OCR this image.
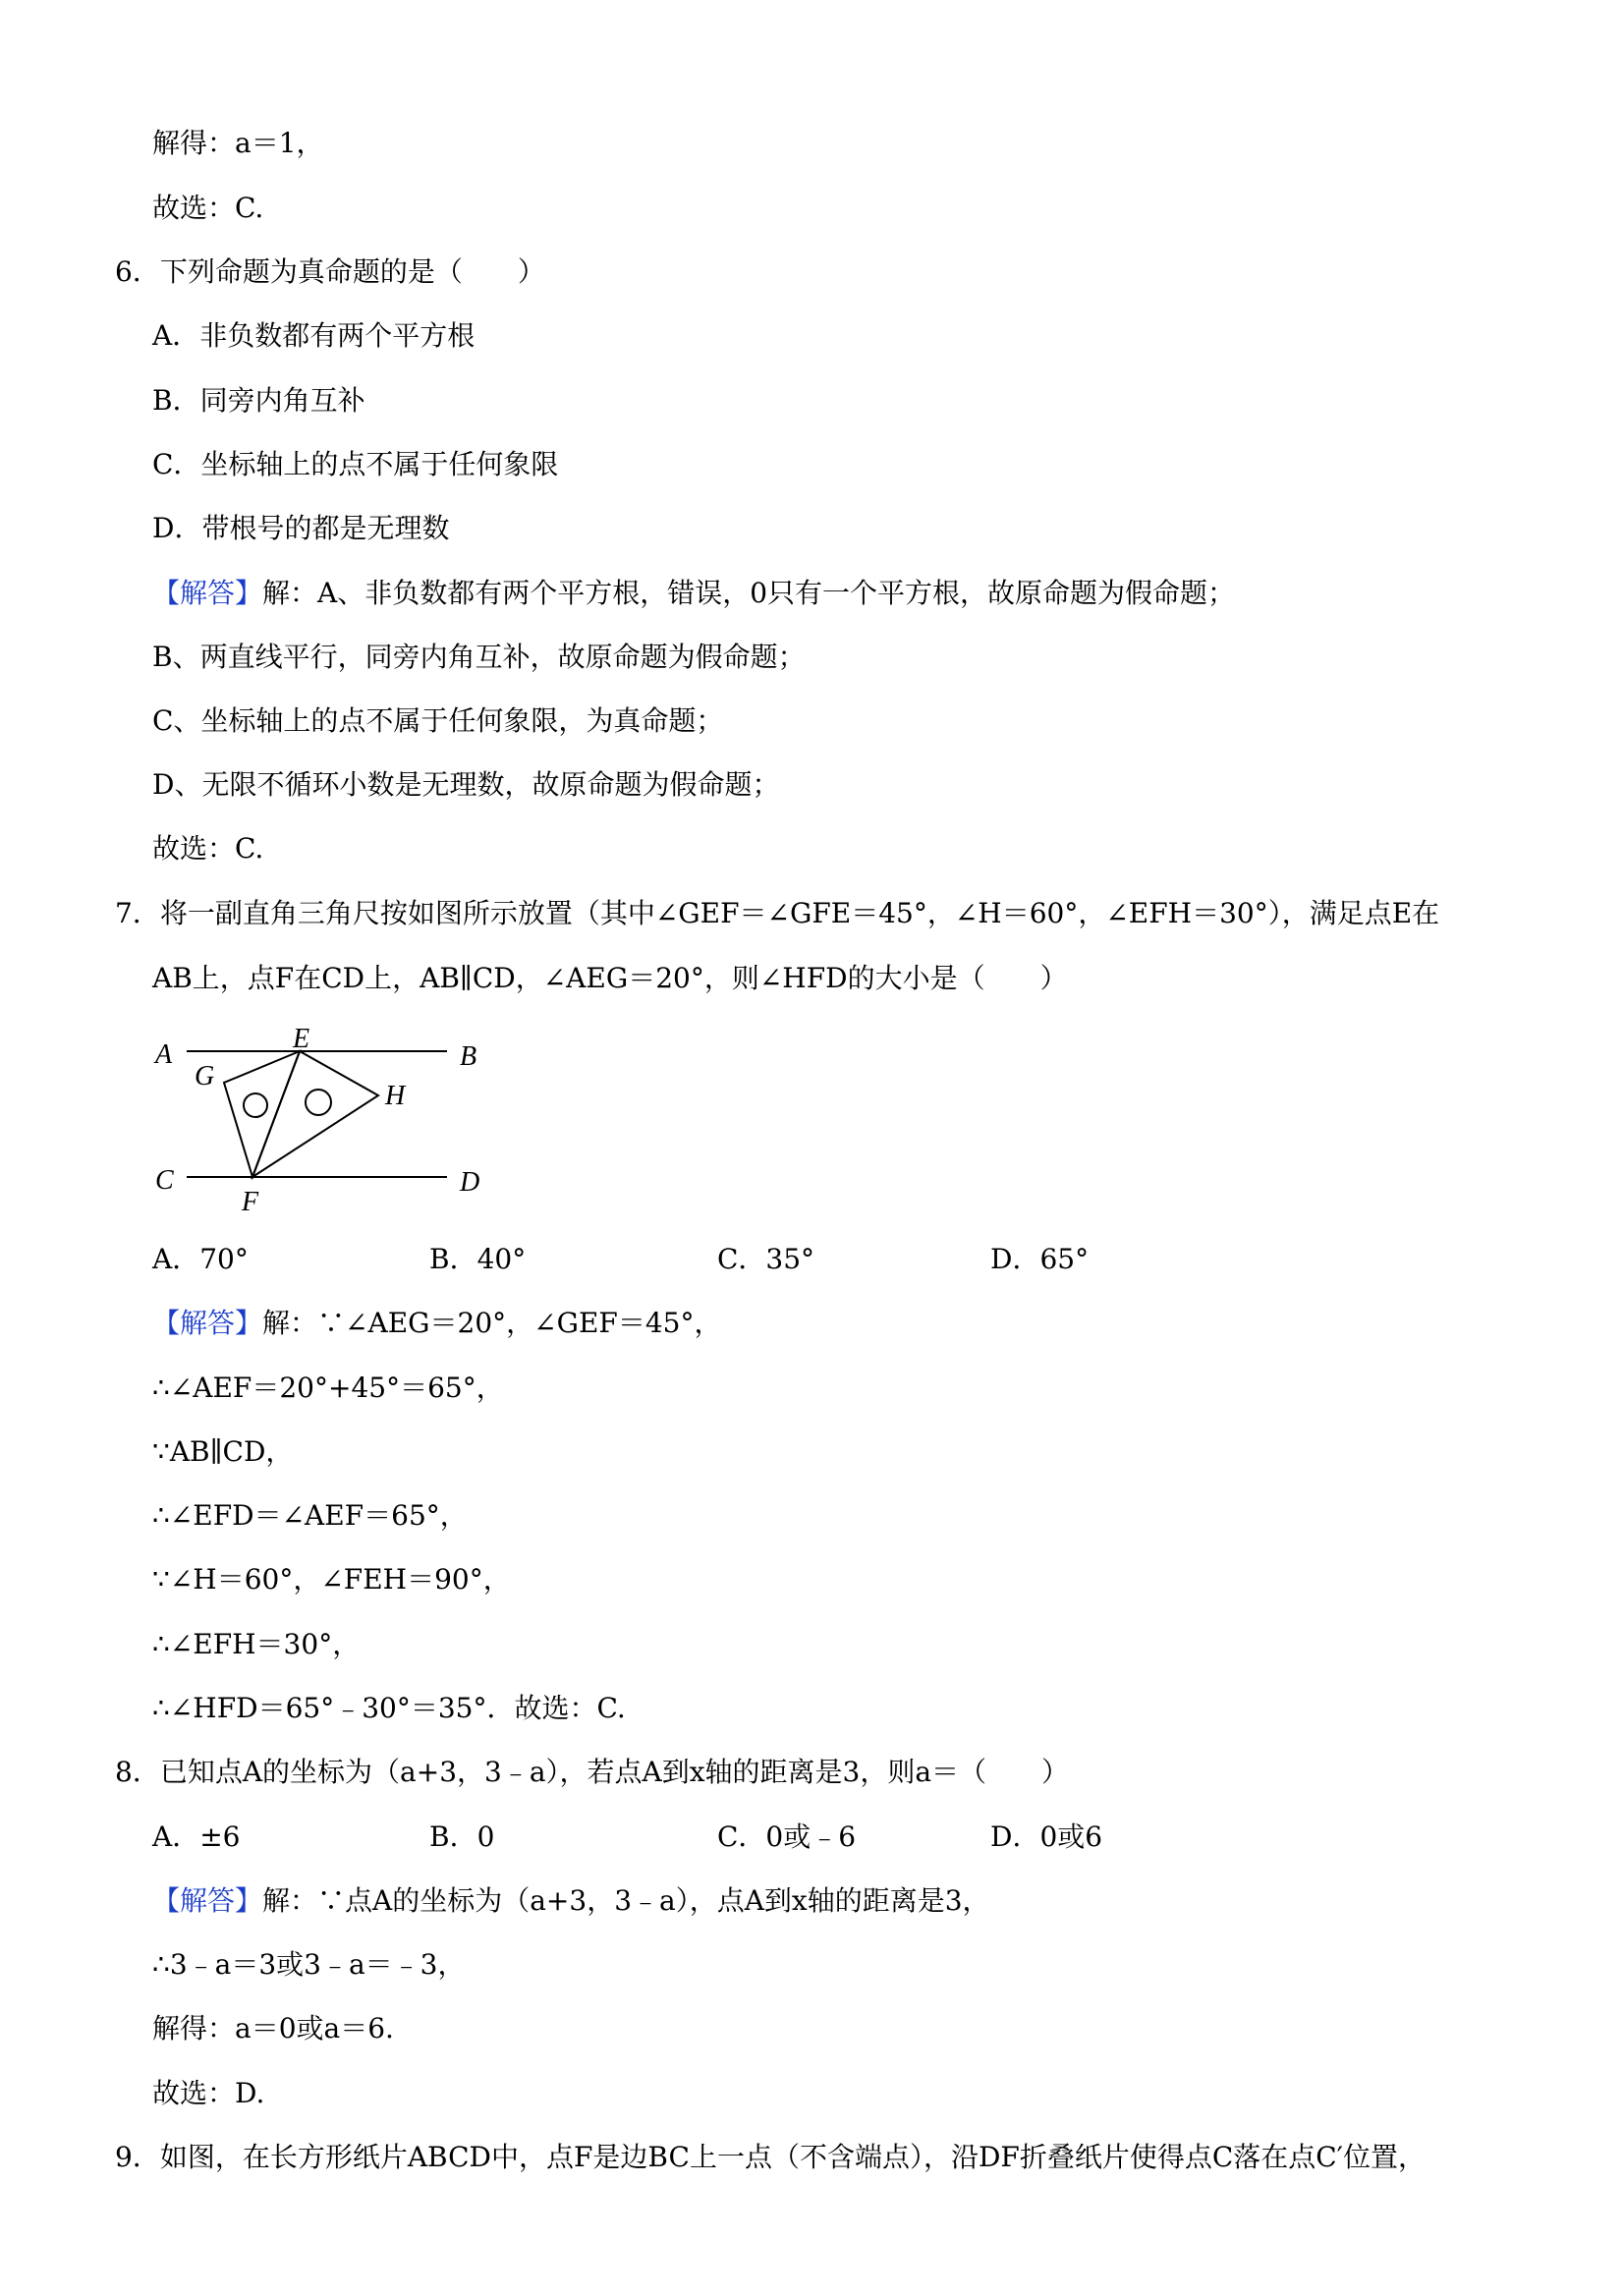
解得：a＝1，
故选：C.
6．下列命题为真命题的是（　　）
A．非负数都有两个平方根
B．同旁内角互补
C．坐标轴上的点不属于任何象限
D．带根号的都是无理数
【解答】解：A、非负数都有两个平方根，错误，0只有一个平方根，故原命题为假命题；
B、两直线平行，同旁内角互补，故原命题为假命题；
C、坐标轴上的点不属于任何象限，为真命题；
D、无限不循环小数是无理数，故原命题为假命题；
故选：C.
7．将一副直角三角尺按如图所示放置（其中∠GEF＝∠GFE＝45°，∠H＝60°，∠EFH＝30°），满足点E在
AB上，点F在CD上，AB∥CD，∠AEG＝20°，则∠HFD的大小是（　　）
A	B
C	D
E
F
G
H
A．70°	B．40°	C．35°	D．65°
【解答】解：∵∠AEG＝20°，∠GEF＝45°，
∴∠AEF＝20°+45°＝65°，
∵AB∥CD，
∴∠EFD＝∠AEF＝65°，
∵∠H＝60°，∠FEH＝90°，
∴∠EFH＝30°，
∴∠HFD＝65°﹣30°＝35°．故选：C.
8．已知点A的坐标为（a+3，3﹣a），若点A到x轴的距离是3，则a＝（　　）
A．±6	B．0	C．0或﹣6	D．0或6
【解答】解：∵点A的坐标为（a+3，3﹣a），点A到x轴的距离是3，
∴3﹣a＝3或3﹣a＝﹣3，
解得：a＝0或a＝6.
故选：D.
9．如图，在长方形纸片ABCD中，点F是边BC上一点（不含端点），沿DF折叠纸片使得点C落在点C′位置，
